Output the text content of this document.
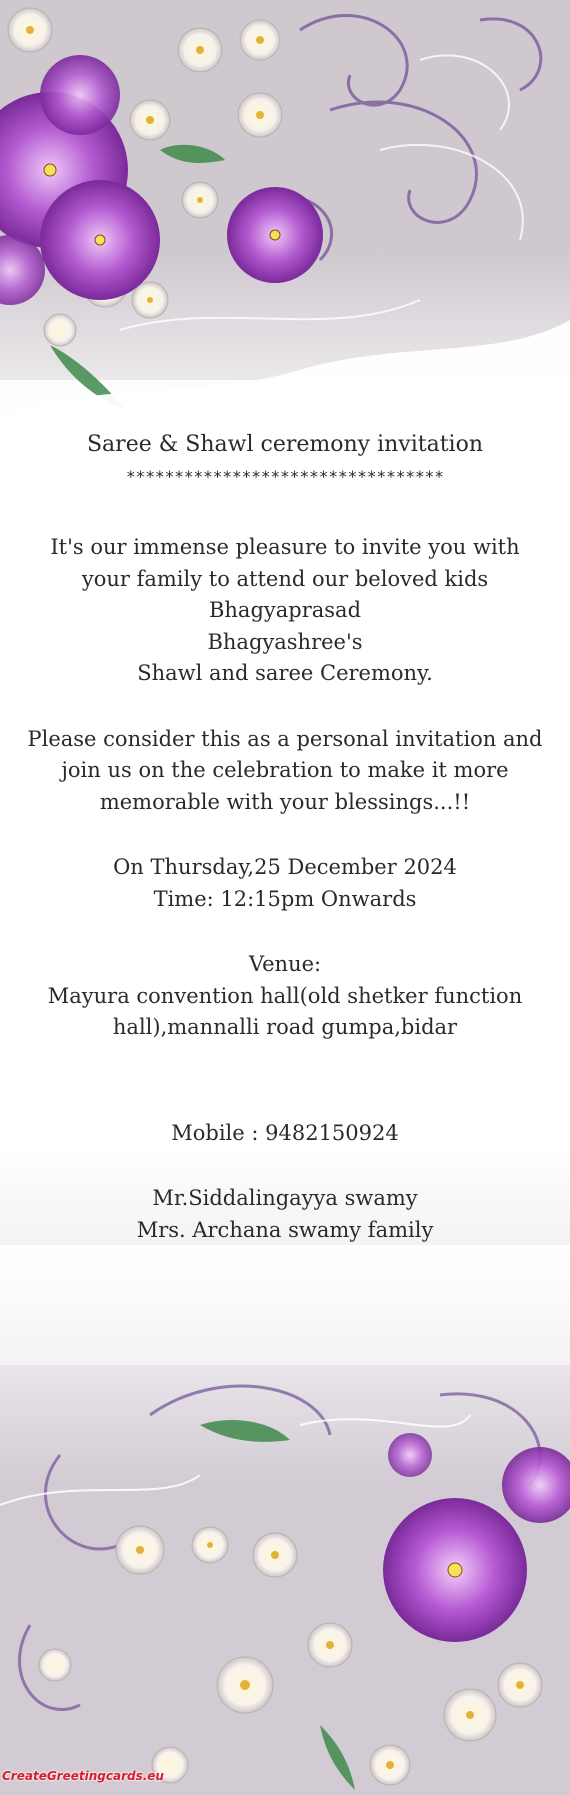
Saree & Shawl ceremony invitation

*********************************

It's our immense pleasure to invite you with your family to attend our beloved kids

Bhagyaprasad

Bhagyashree's

Shawl and saree Ceremony.

Please consider this as a personal invitation and join us on the celebration to make it more memorable with your blessings...!!

On Thursday,25 December 2024

Time: 12:15pm Onwards

Venue:

Mayura convention hall(old shetker function hall),mannalli road gumpa,bidar

Mobile : 9482150924

Mr.Siddalingayya swamy

Mrs. Archana swamy family

CreateGreetingcards.eu
